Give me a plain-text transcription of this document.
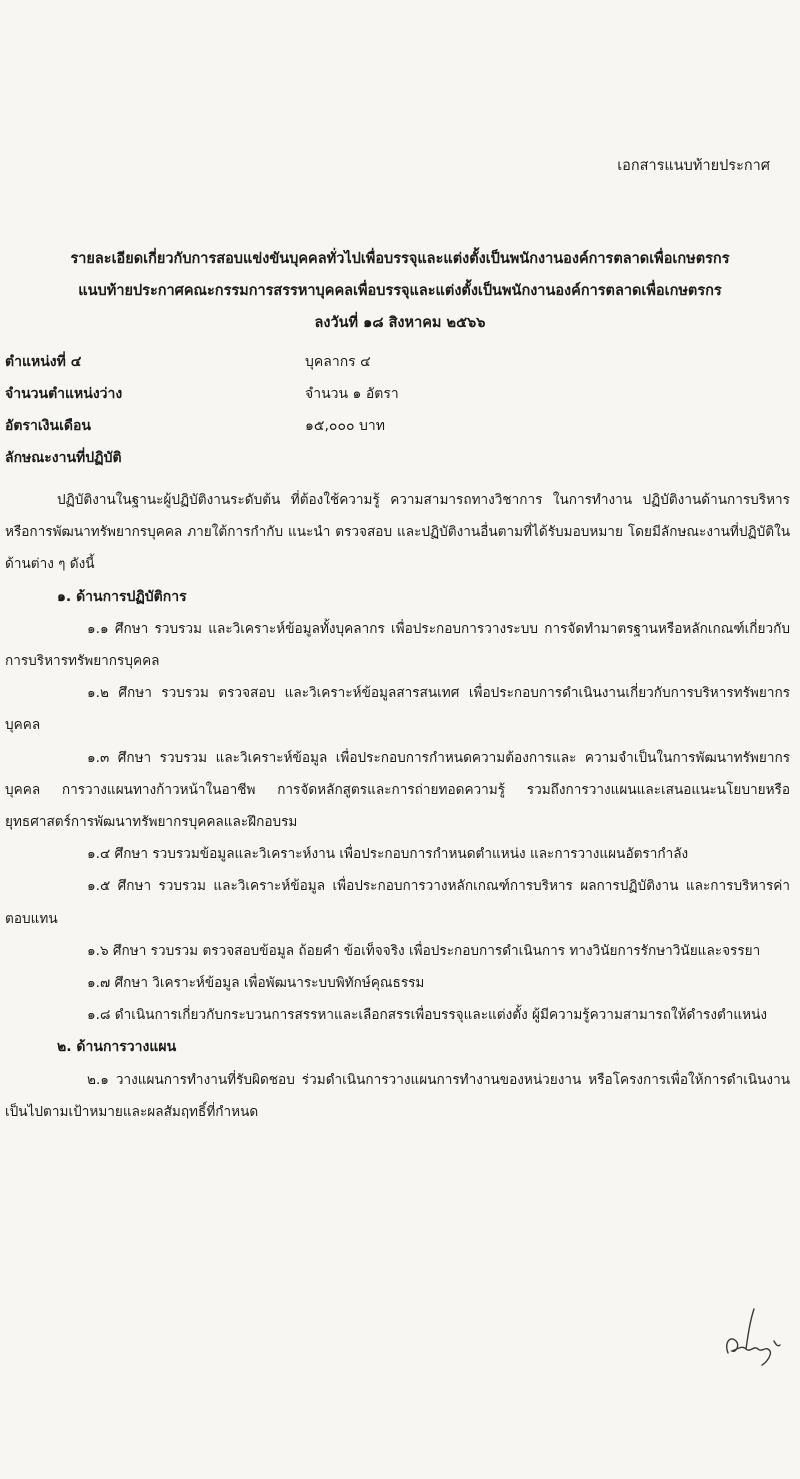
เอกสารแนบท้ายประกาศ
รายละเอียดเกี่ยวกับการสอบแข่งขันบุคคลทั่วไปเพื่อบรรจุและแต่งตั้งเป็นพนักงานองค์การตลาดเพื่อเกษตรกร
แนบท้ายประกาศคณะกรรมการสรรหาบุคคลเพื่อบรรจุและแต่งตั้งเป็นพนักงานองค์การตลาดเพื่อเกษตรกร
ลงวันที่ ๑๘ สิงหาคม ๒๕๖๖
ตำแหน่งที่ ๔	บุคลากร ๔
จำนวนตำแหน่งว่าง	จำนวน ๑ อัตรา
อัตราเงินเดือน	๑๕,๐๐๐ บาท
ลักษณะงานที่ปฏิบัติ
ปฏิบัติงานในฐานะผู้ปฏิบัติงานระดับต้น ที่ต้องใช้ความรู้ ความสามารถทางวิชาการ ในการทำงาน ปฏิบัติงานด้านการบริหารหรือการพัฒนาทรัพยากรบุคคล ภายใต้การกำกับ แนะนำ ตรวจสอบ และปฏิบัติงานอื่นตามที่ได้รับมอบหมาย โดยมีลักษณะงานที่ปฏิบัติในด้านต่าง ๆ ดังนี้
๑. ด้านการปฏิบัติการ
๑.๑ ศึกษา รวบรวม และวิเคราะห์ข้อมูลทั้งบุคลากร เพื่อประกอบการวางระบบ การจัดทำมาตรฐานหรือหลักเกณฑ์เกี่ยวกับการบริหารทรัพยากรบุคคล
๑.๒ ศึกษา รวบรวม ตรวจสอบ และวิเคราะห์ข้อมูลสารสนเทศ เพื่อประกอบการดำเนินงานเกี่ยวกับการบริหารทรัพยากรบุคคล
๑.๓ ศึกษา รวบรวม และวิเคราะห์ข้อมูล เพื่อประกอบการกำหนดความต้องการและ ความจำเป็นในการพัฒนาทรัพยากรบุคคล การวางแผนทางก้าวหน้าในอาชีพ การจัดหลักสูตรและการถ่ายทอดความรู้ รวมถึงการวางแผนและเสนอแนะนโยบายหรือยุทธศาสตร์การพัฒนาทรัพยากรบุคคลและฝึกอบรม
๑.๔ ศึกษา รวบรวมข้อมูลและวิเคราะห์งาน เพื่อประกอบการกำหนดตำแหน่ง และการวางแผนอัตรากำลัง
๑.๕ ศึกษา รวบรวม และวิเคราะห์ข้อมูล เพื่อประกอบการวางหลักเกณฑ์การบริหาร ผลการปฏิบัติงาน และการบริหารค่าตอบแทน
๑.๖ ศึกษา รวบรวม ตรวจสอบข้อมูล ถ้อยคำ ข้อเท็จจริง เพื่อประกอบการดำเนินการ ทางวินัยการรักษาวินัยและจรรยา
๑.๗ ศึกษา วิเคราะห์ข้อมูล เพื่อพัฒนาระบบพิทักษ์คุณธรรม
๑.๘ ดำเนินการเกี่ยวกับกระบวนการสรรหาและเลือกสรรเพื่อบรรจุและแต่งตั้ง ผู้มีความรู้ความสามารถให้ดำรงตำแหน่ง
๒. ด้านการวางแผน
๒.๑ วางแผนการทำงานที่รับผิดชอบ ร่วมดำเนินการวางแผนการทำงานของหน่วยงาน หรือโครงการเพื่อให้การดำเนินงานเป็นไปตามเป้าหมายและผลสัมฤทธิ์ที่กำหนด
